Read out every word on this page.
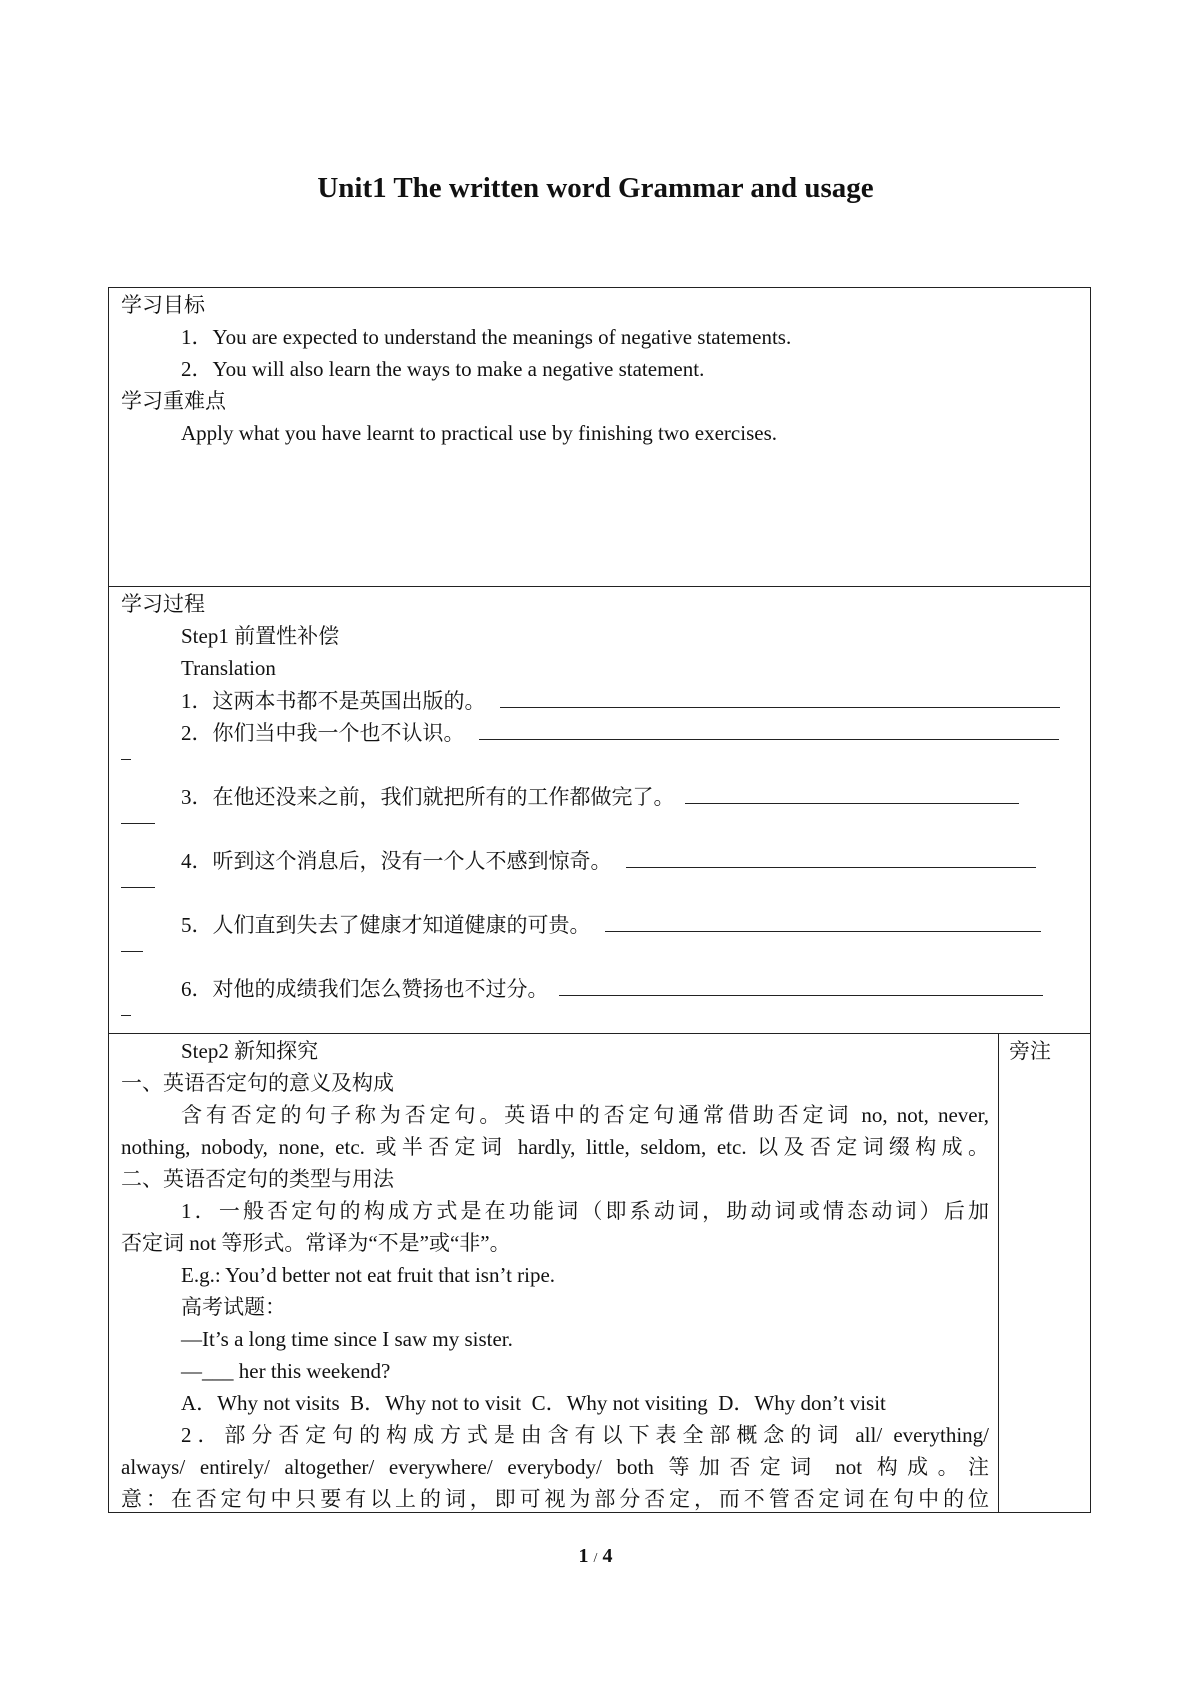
Unit1 The written word Grammar and usage
学习目标
1．You are expected to understand the meanings of negative statements.
2．You will also learn the ways to make a negative statement.
学习重难点
Apply what you have learnt to practical use by finishing two exercises.
学习过程
Step1 前置性补偿
Translation
1．这两本书都不是英国出版的。
2．你们当中我一个也不认识。
3．在他还没来之前，我们就把所有的工作都做完了。
4．听到这个消息后，没有一个人不感到惊奇。
5．人们直到失去了健康才知道健康的可贵。
6．对他的成绩我们怎么赞扬也不过分。
旁注
Step2 新知探究
一、英语否定句的意义及构成
含有否定的句子称为否定句。英语中的否定句通常借助否定词 no, not, never,
nothing, nobody, none, etc. 或半否定词 hardly, little, seldom, etc. 以及否定词缀构成。
二、英语否定句的类型与用法
1．一般否定句的构成方式是在功能词（即系动词，助动词或情态动词）后加
否定词 not 等形式。常译为“不是”或“非”。
E.g.: You’d better not eat fruit that isn’t ripe.
高考试题：
—It’s a long time since I saw my sister.
—___ her this weekend?
A．Why not visits  B．Why not to visit  C．Why not visiting  D．Why don’t visit
2．部分否定句的构成方式是由含有以下表全部概念的词 all/ everything/
always/ entirely/ altogether/ everywhere/ everybody/ both 等加否定词 not 构成。注
意：在否定句中只要有以上的词，即可视为部分否定，而不管否定词在句中的位
1 / 4
